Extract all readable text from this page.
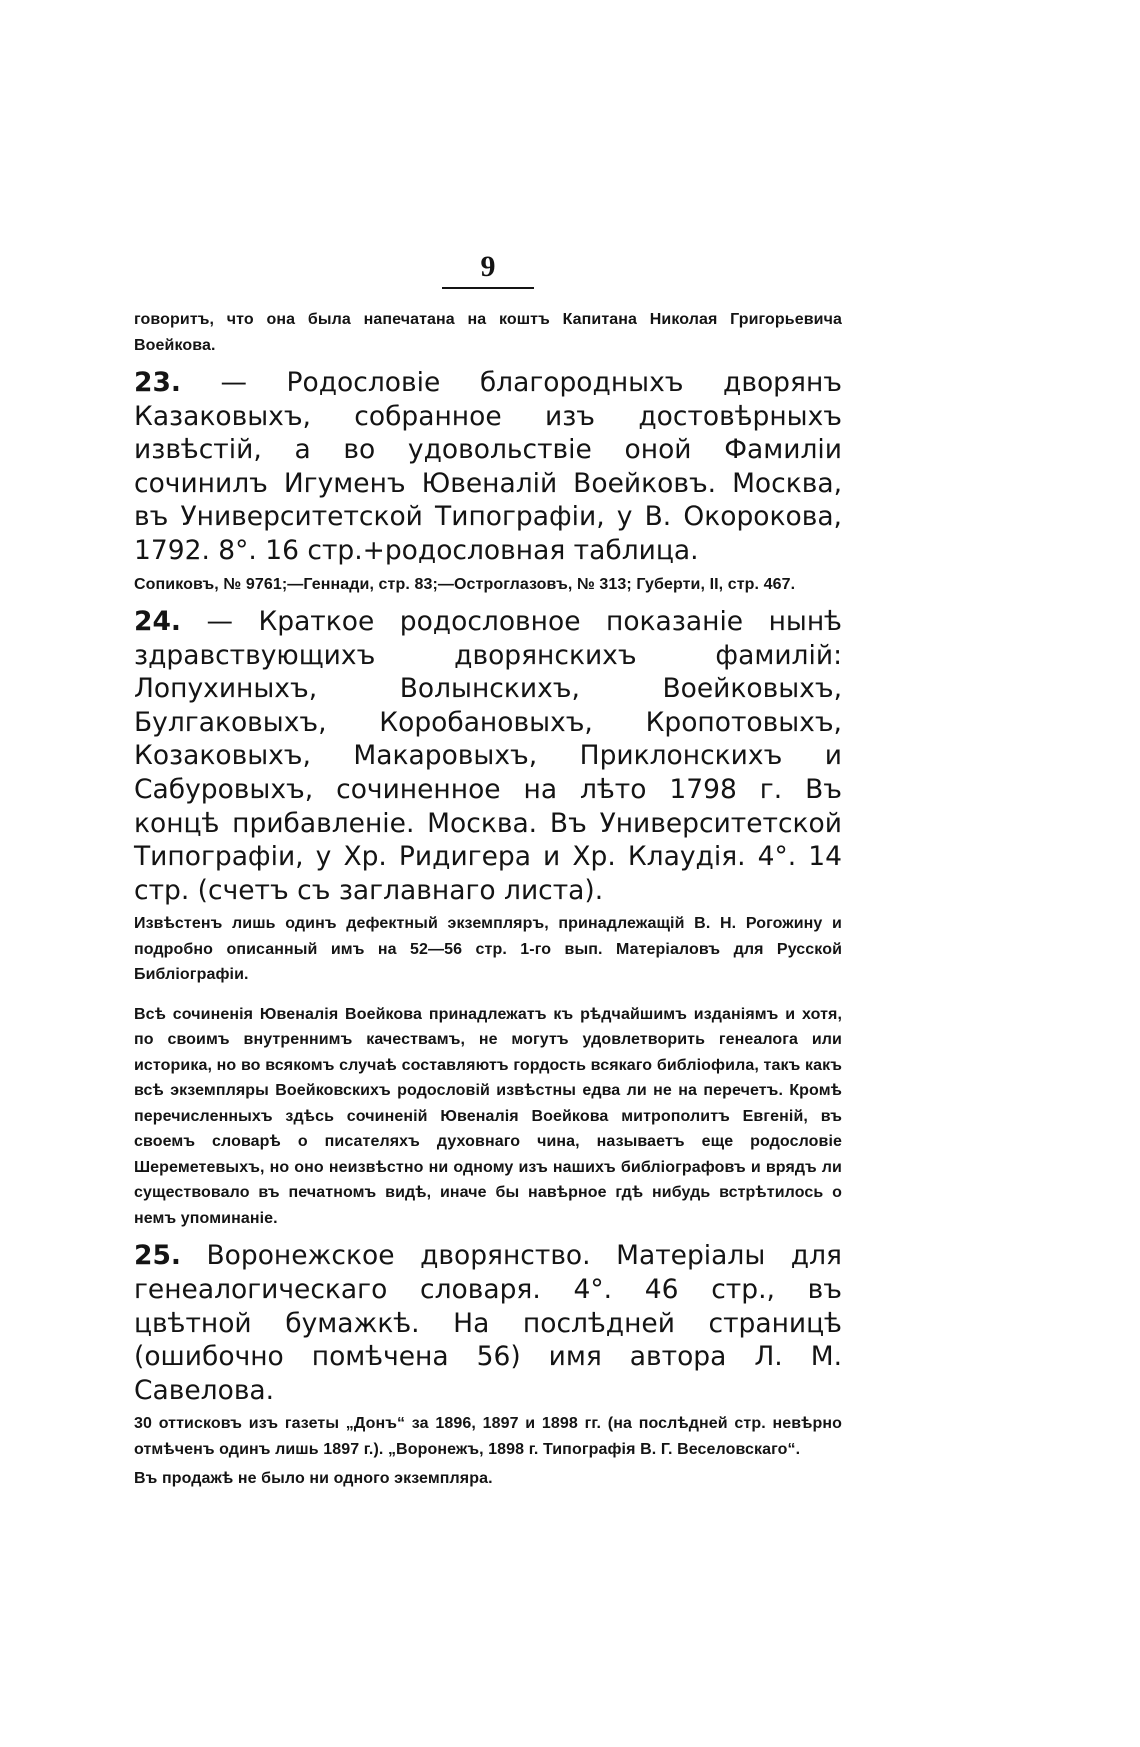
9

говоритъ, что она была напечатана на коштъ Капитана Николая Григорьевича Воейкова.

23. — Родословіе благородныхъ дворянъ Казаковыхъ, собранное изъ достовѣрныхъ извѣстій, а во удовольствіе оной Фамиліи сочинилъ Игуменъ Ювеналій Воейковъ. Москва, въ Университетской Типографіи, у В. Окорокова, 1792. 8°. 16 стр.+родословная таблица.

Сопиковъ, № 9761;—Геннади, стр. 83;—Остроглазовъ, № 313; Губерти, II, стр. 467.

24. — Краткое родословное показаніе нынѣ здравствующихъ дворянскихъ фамилій: Лопухиныхъ, Волынскихъ, Воейковыхъ, Булгаковыхъ, Коробановыхъ, Кропотовыхъ, Козаковыхъ, Макаровыхъ, Приклонскихъ и Сабуровыхъ, сочиненное на лѣто 1798 г. Въ концѣ прибавленіе. Москва. Въ Университетской Типографіи, у Хр. Ридигера и Хр. Клаудія. 4°. 14 стр. (счетъ съ заглавнаго листа).

Извѣстенъ лишь одинъ дефектный экземпляръ, принадлежащій В. Н. Рогожину и подробно описанный имъ на 52—56 стр. 1-го вып. Матеріаловъ для Русской Библіографіи.

Всѣ сочиненія Ювеналія Воейкова принадлежатъ къ рѣдчайшимъ изданіямъ и хотя, по своимъ внутреннимъ качествамъ, не могутъ удовлетворить генеалога или историка, но во всякомъ случаѣ составляютъ гордость всякаго библіофила, такъ какъ всѣ экземпляры Воейковскихъ родословій извѣстны едва ли не на перечетъ. Кромѣ перечисленныхъ здѣсь сочиненій Ювеналія Воейкова митрополитъ Евгеній, въ своемъ словарѣ о писателяхъ духовнаго чина, называетъ еще родословіе Шереметевыхъ, но оно неизвѣстно ни одному изъ нашихъ библіографовъ и врядъ ли существовало въ печатномъ видѣ, иначе бы навѣрное гдѣ нибудь встрѣтилось о немъ упоминаніе.

25. Воронежское дворянство. Матеріалы для генеалогическаго словаря. 4°. 46 стр., въ цвѣтной бумажкѣ. На послѣдней страницѣ (ошибочно помѣчена 56) имя автора Л. М. Савелова.

30 оттисковъ изъ газеты „Донъ“ за 1896, 1897 и 1898 гг. (на послѣдней стр. невѣрно отмѣченъ одинъ лишь 1897 г.). „Воронежъ, 1898 г. Типографія В. Г. Веселовскаго“.

Въ продажѣ не было ни одного экземпляра.
